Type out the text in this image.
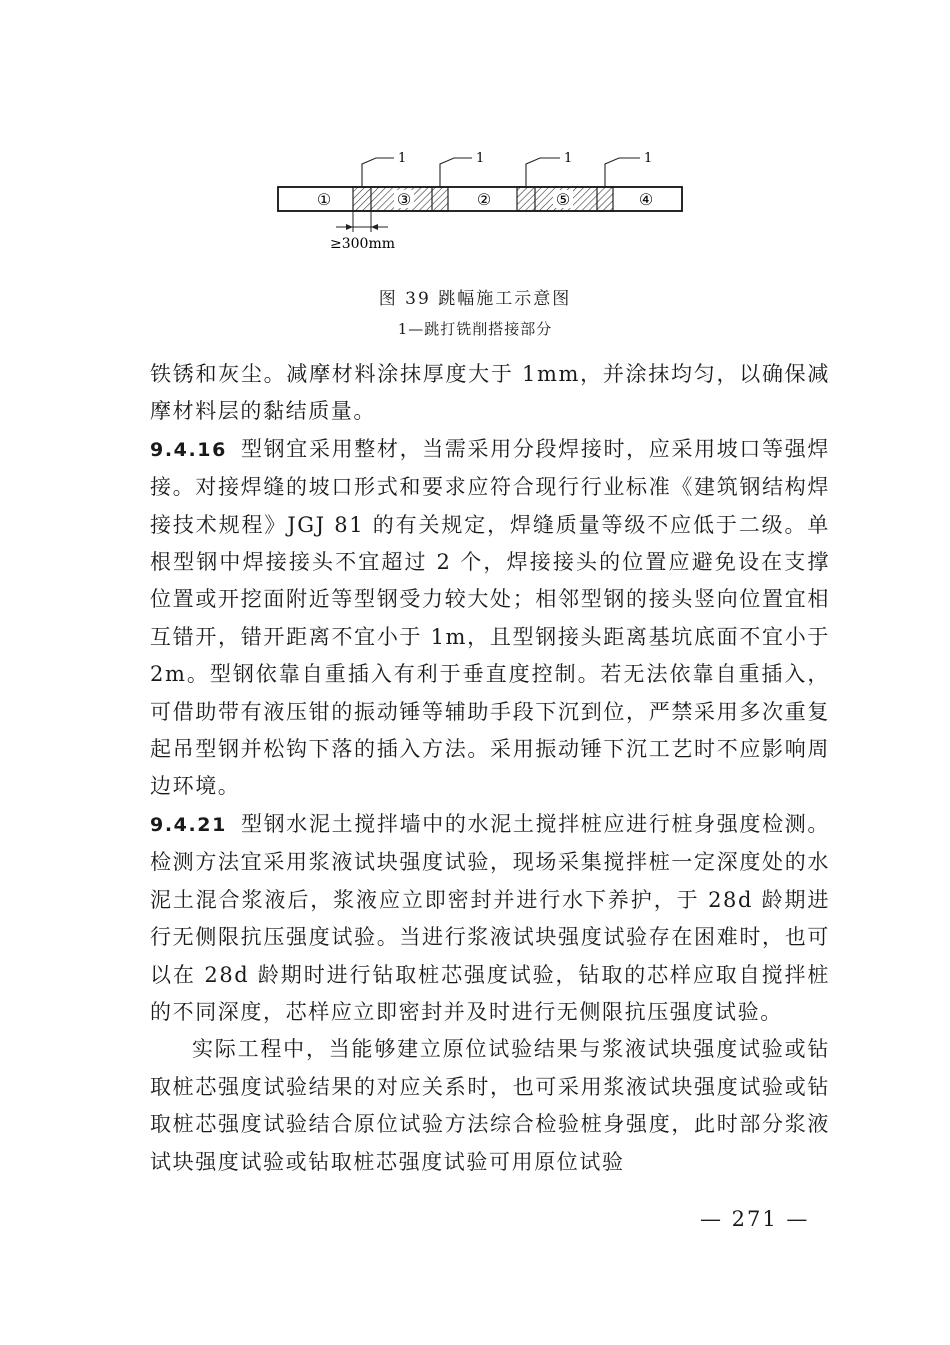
①	③	②	⑤	④
1	1	1	1
≥300mm
图 39 跳幅施工示意图
1—跳打铣削搭接部分

铁锈和灰尘。减摩材料涂抹厚度大于 1mm，并涂抹均匀，以确保减摩材料层的黏结质量。

9.4.16 型钢宜采用整材，当需采用分段焊接时，应采用坡口等强焊接。对接焊缝的坡口形式和要求应符合现行行业标准《建筑钢结构焊接技术规程》JGJ 81 的有关规定，焊缝质量等级不应低于二级。单根型钢中焊接接头不宜超过 2 个，焊接接头的位置应避免设在支撑位置或开挖面附近等型钢受力较大处；相邻型钢的接头竖向位置宜相互错开，错开距离不宜小于 1m，且型钢接头距离基坑底面不宜小于 2m。型钢依靠自重插入有利于垂直度控制。若无法依靠自重插入，可借助带有液压钳的振动锤等辅助手段下沉到位，严禁采用多次重复起吊型钢并松钩下落的插入方法。采用振动锤下沉工艺时不应影响周边环境。

9.4.21 型钢水泥土搅拌墙中的水泥土搅拌桩应进行桩身强度检测。检测方法宜采用浆液试块强度试验，现场采集搅拌桩一定深度处的水泥土混合浆液后，浆液应立即密封并进行水下养护，于 28d 龄期进行无侧限抗压强度试验。当进行浆液试块强度试验存在困难时，也可以在 28d 龄期时进行钻取桩芯强度试验，钻取的芯样应取自搅拌桩的不同深度，芯样应立即密封并及时进行无侧限抗压强度试验。

实际工程中，当能够建立原位试验结果与浆液试块强度试验或钻取桩芯强度试验结果的对应关系时，也可采用浆液试块强度试验或钻取桩芯强度试验结合原位试验方法综合检验桩身强度，此时部分浆液试块强度试验或钻取桩芯强度试验可用原位试验

— 271 —
